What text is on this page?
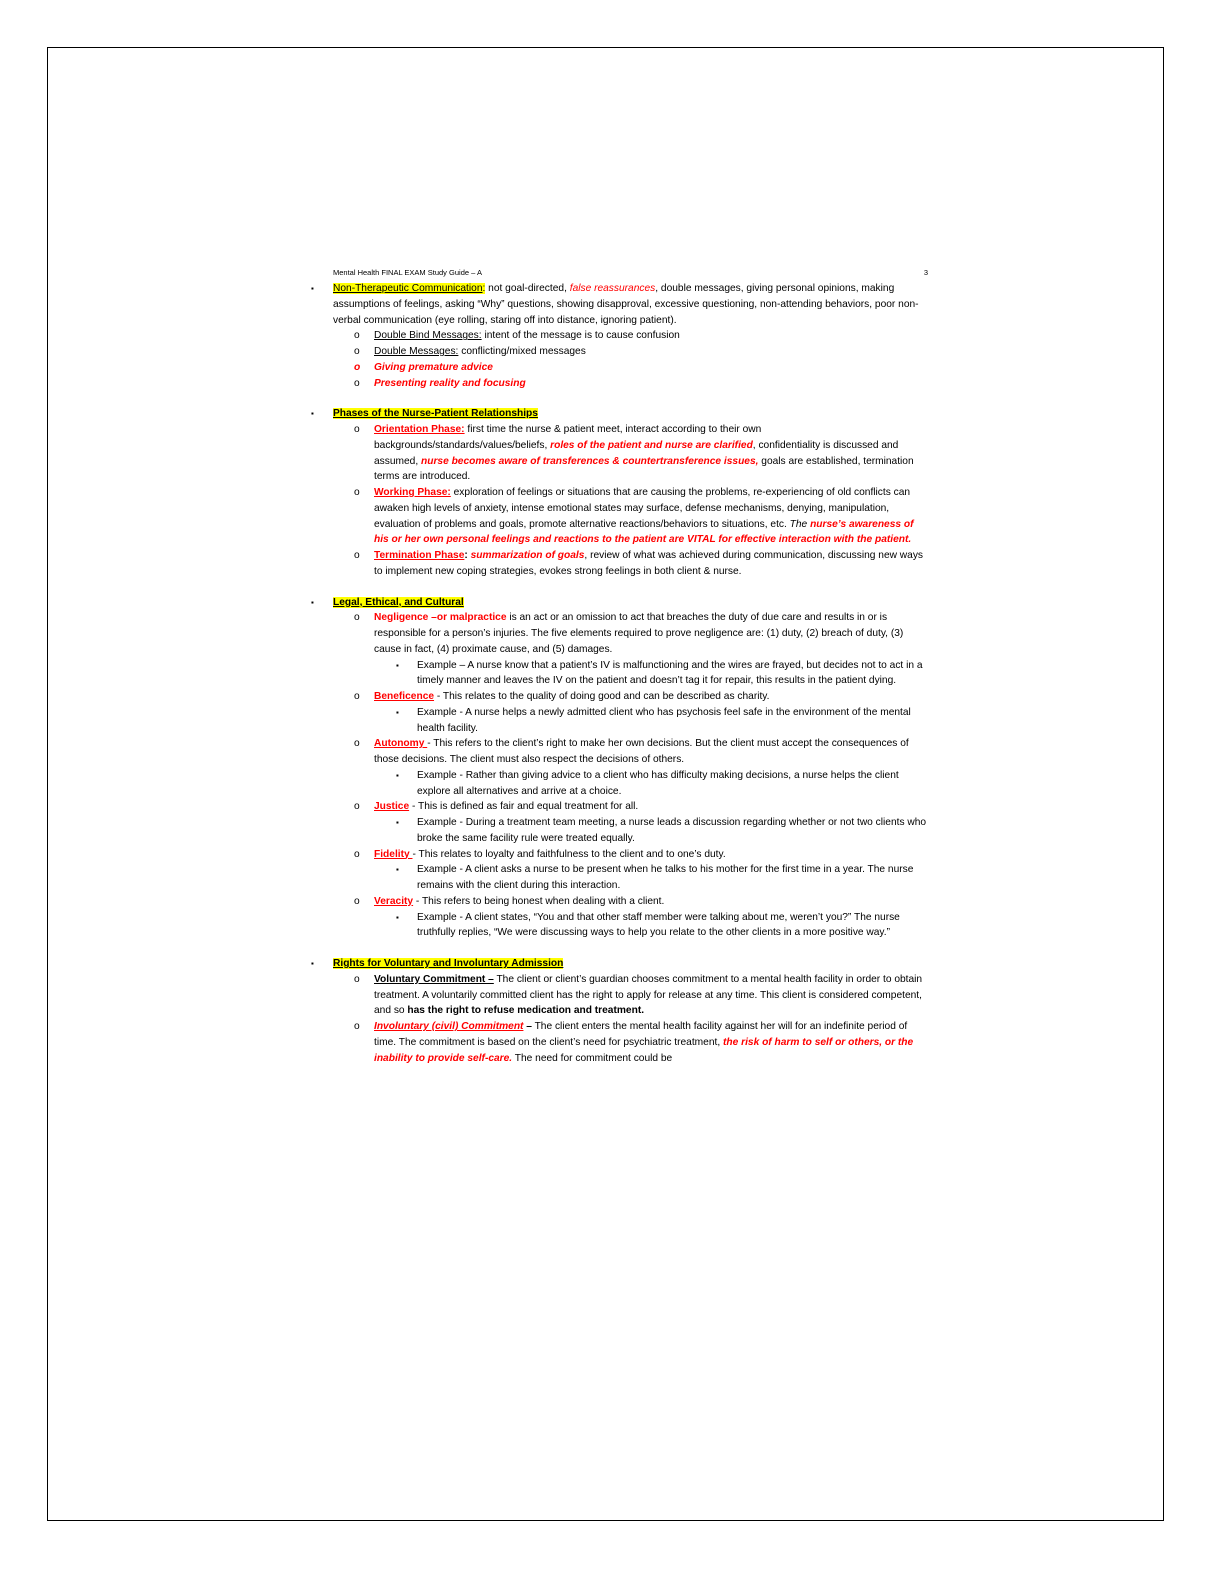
Mental Health FINAL EXAM Study Guide – A	3
▪ Non-Therapeutic Communication: not goal-directed, false reassurances, double messages, giving personal opinions, making assumptions of feelings, asking “Why” questions, showing disapproval, excessive questioning, non-attending behaviors, poor non-verbal communication (eye rolling, staring off into distance, ignoring patient).
o Double Bind Messages: intent of the message is to cause confusion
o Double Messages: conflicting/mixed messages
o Giving premature advice
o Presenting reality and focusing
▪ Phases of the Nurse-Patient Relationships
o Orientation Phase: first time the nurse & patient meet, interact according to their own backgrounds/standards/values/beliefs, roles of the patient and nurse are clarified, confidentiality is discussed and assumed, nurse becomes aware of transferences & countertransference issues, goals are established, termination terms are introduced.
o Working Phase: exploration of feelings or situations that are causing the problems, re-experiencing of old conflicts can awaken high levels of anxiety, intense emotional states may surface, defense mechanisms, denying, manipulation, evaluation of problems and goals, promote alternative reactions/behaviors to situations, etc. The nurse’s awareness of his or her own personal feelings and reactions to the patient are VITAL for effective interaction with the patient.
o Termination Phase: summarization of goals, review of what was achieved during communication, discussing new ways to implement new coping strategies, evokes strong feelings in both client & nurse.
▪ Legal, Ethical, and Cultural
o Negligence –or malpractice is an act or an omission to act that breaches the duty of due care and results in or is responsible for a person’s injuries. The five elements required to prove negligence are: (1) duty, (2) breach of duty, (3) cause in fact, (4) proximate cause, and (5) damages.
▪ Example – A nurse know that a patient’s IV is malfunctioning and the wires are frayed, but decides not to act in a timely manner and leaves the IV on the patient and doesn’t tag it for repair, this results in the patient dying.
o Beneficence - This relates to the quality of doing good and can be described as charity.
▪ Example - A nurse helps a newly admitted client who has psychosis feel safe in the environment of the mental health facility.
o Autonomy - This refers to the client’s right to make her own decisions. But the client must accept the consequences of those decisions. The client must also respect the decisions of others.
▪ Example - Rather than giving advice to a client who has difficulty making decisions, a nurse helps the client explore all alternatives and arrive at a choice.
o Justice - This is defined as fair and equal treatment for all.
▪ Example - During a treatment team meeting, a nurse leads a discussion regarding whether or not two clients who broke the same facility rule were treated equally.
o Fidelity - This relates to loyalty and faithfulness to the client and to one’s duty.
▪ Example - A client asks a nurse to be present when he talks to his mother for the first time in a year. The nurse remains with the client during this interaction.
o Veracity - This refers to being honest when dealing with a client.
▪ Example - A client states, “You and that other staff member were talking about me, weren’t you?” The nurse truthfully replies, “We were discussing ways to help you relate to the other clients in a more positive way.”
▪ Rights for Voluntary and Involuntary Admission
o Voluntary Commitment – The client or client’s guardian chooses commitment to a mental health facility in order to obtain treatment. A voluntarily committed client has the right to apply for release at any time. This client is considered competent, and so has the right to refuse medication and treatment.
o Involuntary (civil) Commitment – The client enters the mental health facility against her will for an indefinite period of time. The commitment is based on the client’s need for psychiatric treatment, the risk of harm to self or others, or the inability to provide self-care. The need for commitment could be
